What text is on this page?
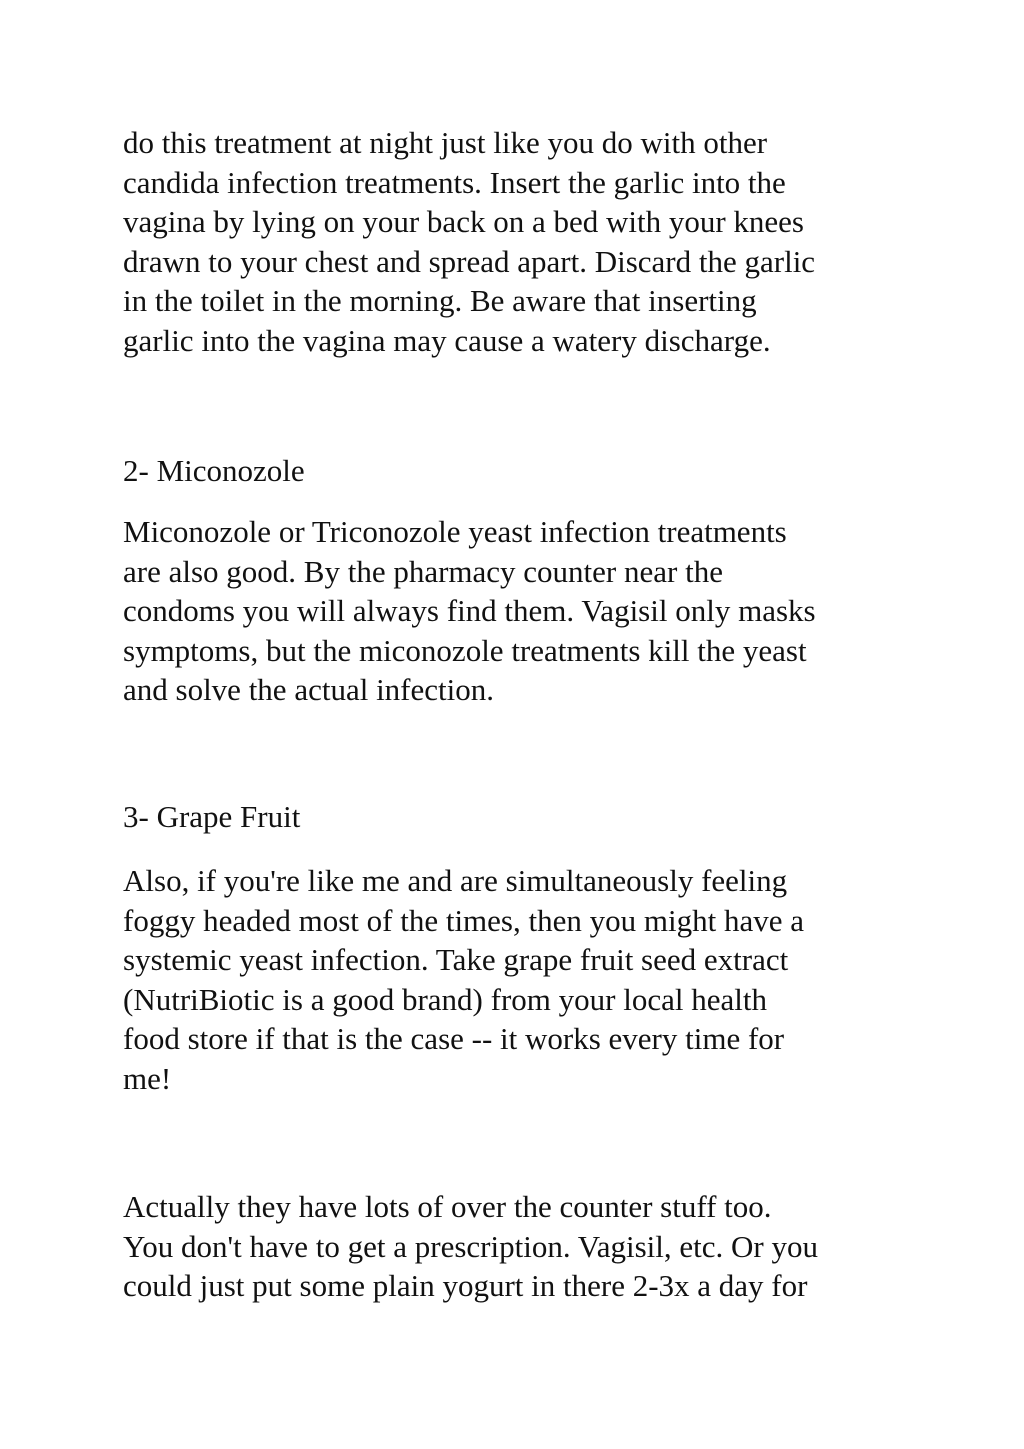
do this treatment at night just like you do with other
candida infection treatments. Insert the garlic into the
vagina by lying on your back on a bed with your knees
drawn to your chest and spread apart. Discard the garlic
in the toilet in the morning. Be aware that inserting
garlic into the vagina may cause a watery discharge.

2- Miconozole

Miconozole or Triconozole yeast infection treatments
are also good. By the pharmacy counter near the
condoms you will always find them. Vagisil only masks
symptoms, but the miconozole treatments kill the yeast
and solve the actual infection.

3- Grape Fruit

Also, if you're like me and are simultaneously feeling
foggy headed most of the times, then you might have a
systemic yeast infection. Take grape fruit seed extract
(NutriBiotic is a good brand) from your local health
food store if that is the case -- it works every time for
me!

Actually they have lots of over the counter stuff too.
You don't have to get a prescription. Vagisil, etc. Or you
could just put some plain yogurt in there 2-3x a day for
